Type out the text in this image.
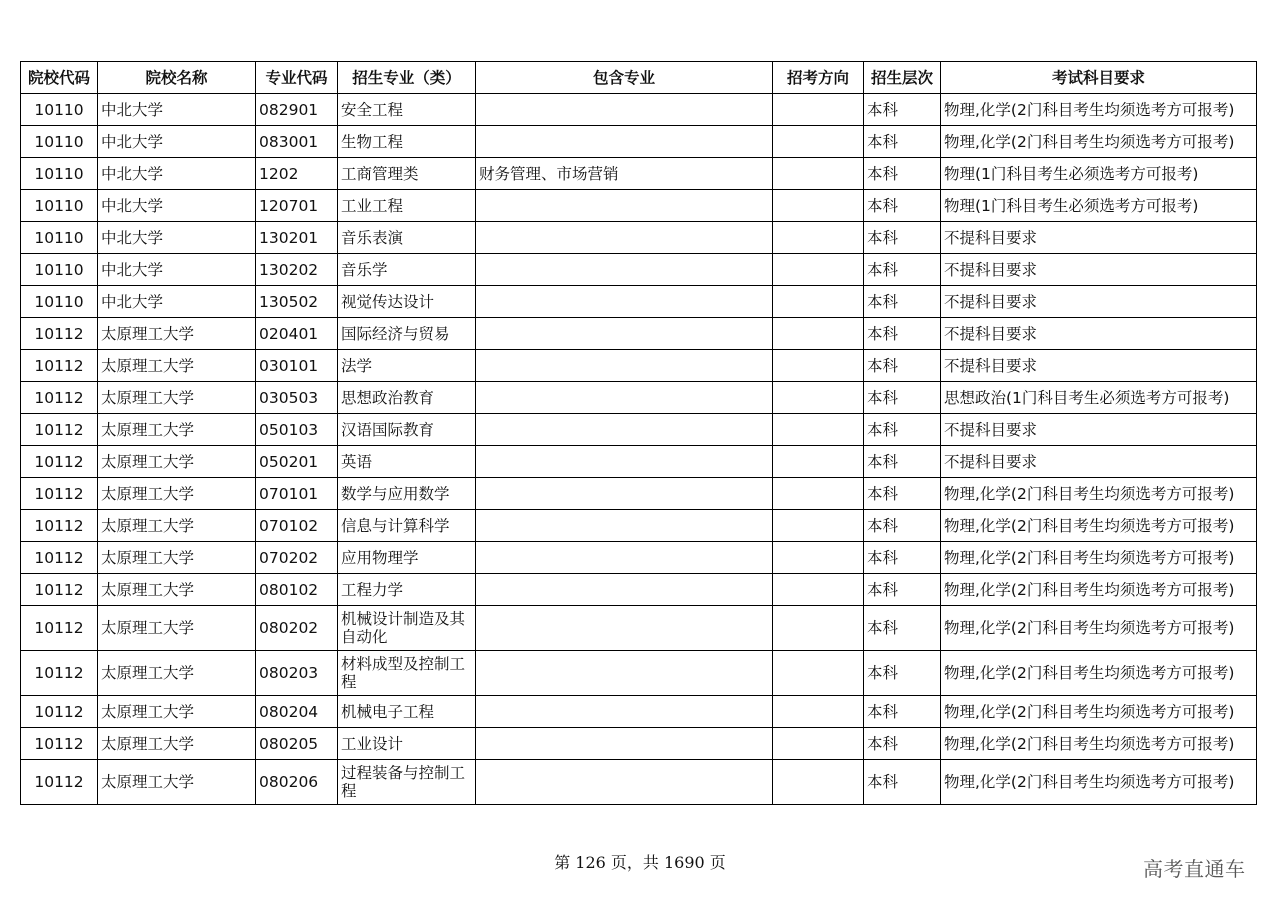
院校代码	院校名称	专业代码	招生专业（类）	包含专业	招考方向	招生层次	考试科目要求
10110	中北大学	082901	安全工程			本科	物理,化学(2门科目考生均须选考方可报考)
10110	中北大学	083001	生物工程			本科	物理,化学(2门科目考生均须选考方可报考)
10110	中北大学	1202	工商管理类	财务管理、市场营销		本科	物理(1门科目考生必须选考方可报考)
10110	中北大学	120701	工业工程			本科	物理(1门科目考生必须选考方可报考)
10110	中北大学	130201	音乐表演			本科	不提科目要求
10110	中北大学	130202	音乐学			本科	不提科目要求
10110	中北大学	130502	视觉传达设计			本科	不提科目要求
10112	太原理工大学	020401	国际经济与贸易			本科	不提科目要求
10112	太原理工大学	030101	法学			本科	不提科目要求
10112	太原理工大学	030503	思想政治教育			本科	思想政治(1门科目考生必须选考方可报考)
10112	太原理工大学	050103	汉语国际教育			本科	不提科目要求
10112	太原理工大学	050201	英语			本科	不提科目要求
10112	太原理工大学	070101	数学与应用数学			本科	物理,化学(2门科目考生均须选考方可报考)
10112	太原理工大学	070102	信息与计算科学			本科	物理,化学(2门科目考生均须选考方可报考)
10112	太原理工大学	070202	应用物理学			本科	物理,化学(2门科目考生均须选考方可报考)
10112	太原理工大学	080102	工程力学			本科	物理,化学(2门科目考生均须选考方可报考)
10112	太原理工大学	080202	机械设计制造及其自动化			本科	物理,化学(2门科目考生均须选考方可报考)
10112	太原理工大学	080203	材料成型及控制工程			本科	物理,化学(2门科目考生均须选考方可报考)
10112	太原理工大学	080204	机械电子工程			本科	物理,化学(2门科目考生均须选考方可报考)
10112	太原理工大学	080205	工业设计			本科	物理,化学(2门科目考生均须选考方可报考)
10112	太原理工大学	080206	过程装备与控制工程			本科	物理,化学(2门科目考生均须选考方可报考)
第 126 页，共 1690 页	高考直通车
